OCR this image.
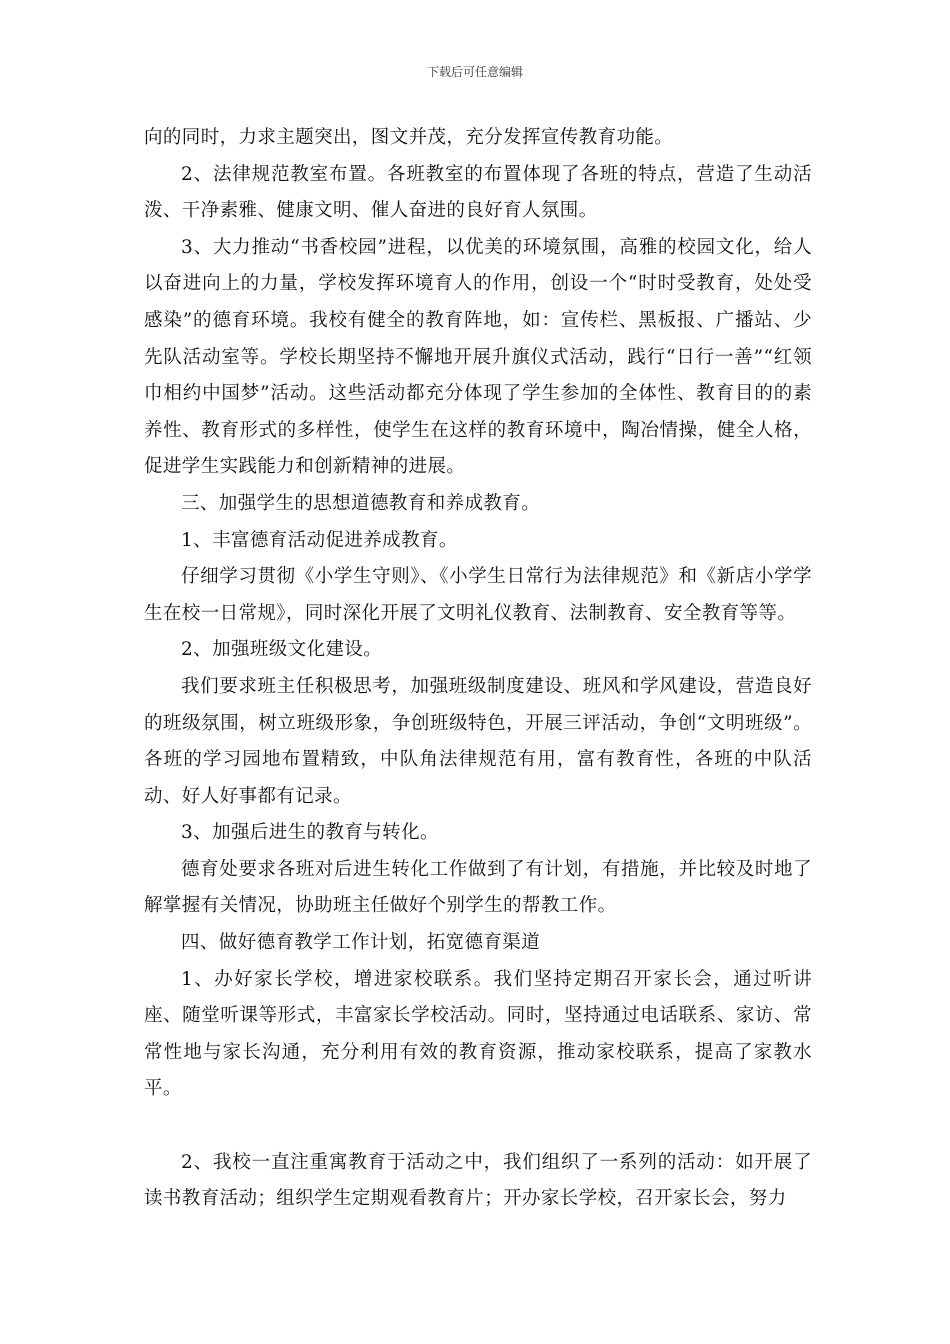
下载后可任意编辑

向的同时，力求主题突出，图文并茂，充分发挥宣传教育功能。

2、法律规范教室布置。各班教室的布置体现了各班的特点，营造了生动活泼、干净素雅、健康文明、催人奋进的良好育人氛围。

3、大力推动“书香校园”进程，以优美的环境氛围，高雅的校园文化，给人以奋进向上的力量，学校发挥环境育人的作用，创设一个“时时受教育，处处受感染”的德育环境。我校有健全的教育阵地，如：宣传栏、黑板报、广播站、少先队活动室等。学校长期坚持不懈地开展升旗仪式活动，践行“日行一善”“红领巾相约中国梦”活动。这些活动都充分体现了学生参加的全体性、教育目的的素养性、教育形式的多样性，使学生在这样的教育环境中，陶冶情操，健全人格，促进学生实践能力和创新精神的进展。

三、加强学生的思想道德教育和养成教育。

1、丰富德育活动促进养成教育。

仔细学习贯彻《小学生守则》、《小学生日常行为法律规范》和《新店小学学生在校一日常规》，同时深化开展了文明礼仪教育、法制教育、安全教育等等。

2、加强班级文化建设。

我们要求班主任积极思考，加强班级制度建设、班风和学风建设，营造良好的班级氛围，树立班级形象，争创班级特色，开展三评活动，争创“文明班级”。各班的学习园地布置精致，中队角法律规范有用，富有教育性，各班的中队活动、好人好事都有记录。

3、加强后进生的教育与转化。

德育处要求各班对后进生转化工作做到了有计划，有措施，并比较及时地了解掌握有关情况，协助班主任做好个别学生的帮教工作。

四、做好德育教学工作计划，拓宽德育渠道

1、办好家长学校，增进家校联系。我们坚持定期召开家长会，通过听讲座、随堂听课等形式，丰富家长学校活动。同时，坚持通过电话联系、家访、常常性地与家长沟通，充分利用有效的教育资源，推动家校联系，提高了家教水平。

2、我校一直注重寓教育于活动之中，我们组织了一系列的活动：如开展了读书教育活动；组织学生定期观看教育片；开办家长学校，召开家长会，努力
